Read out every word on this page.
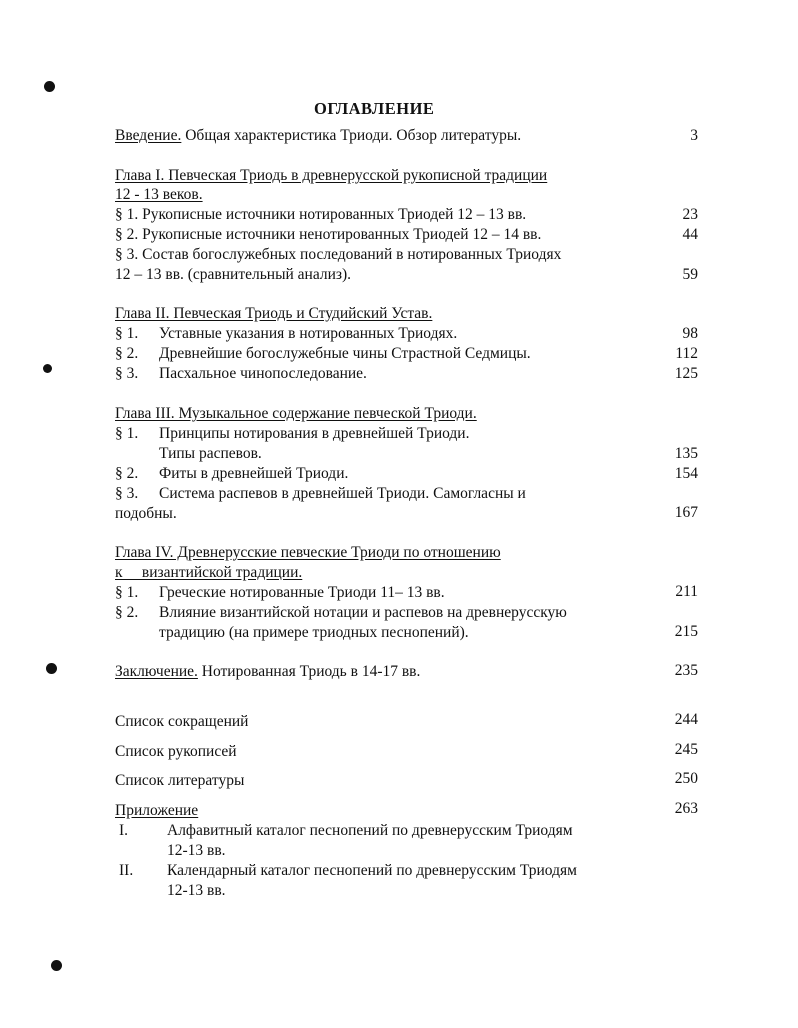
ОГЛАВЛЕНИЕ
Введение. Общая характеристика Триоди. Обзор литературы.	3
Глава I. Певческая Триодь в древнерусской рукописной традиции
12 - 13 веков.
§ 1. Рукописные источники нотированных Триодей 12 – 13 вв.	23
§ 2. Рукописные источники ненотированных Триодей 12 – 14 вв.	44
§ 3. Состав богослужебных последований в нотированных Триодях
12 – 13 вв. (сравнительный анализ).	59
Глава II. Певческая Триодь и Студийский Устав.
§ 1. Уставные указания в нотированных Триодях.	98
§ 2. Древнейшие богослужебные чины Страстной Седмицы.	112
§ 3. Пасхальное чинопоследование.	125
Глава III. Музыкальное содержание певческой Триоди.
§ 1. Принципы нотирования в древнейшей Триоди.
Типы распевов.	135
§ 2. Фиты в древнейшей Триоди.	154
§ 3. Система распевов в древнейшей Триоди. Самогласны и
подобны.	167
Глава IV. Древнерусские певческие Триоди по отношению
к     византийской традиции.
§ 1. Греческие нотированные Триоди 11– 13 вв.	211
§ 2. Влияние византийской нотации и распевов на древнерусскую
традицию (на примере триодных песнопений).	215
Заключение. Нотированная Триодь в 14-17 вв.	235
Список сокращений	244
Список рукописей	245
Список литературы	250
Приложение	263
I.	Алфавитный каталог песнопений по древнерусским Триодям
12-13 вв.
II. Календарный каталог песнопений по древнерусским Триодям
12-13 вв.
